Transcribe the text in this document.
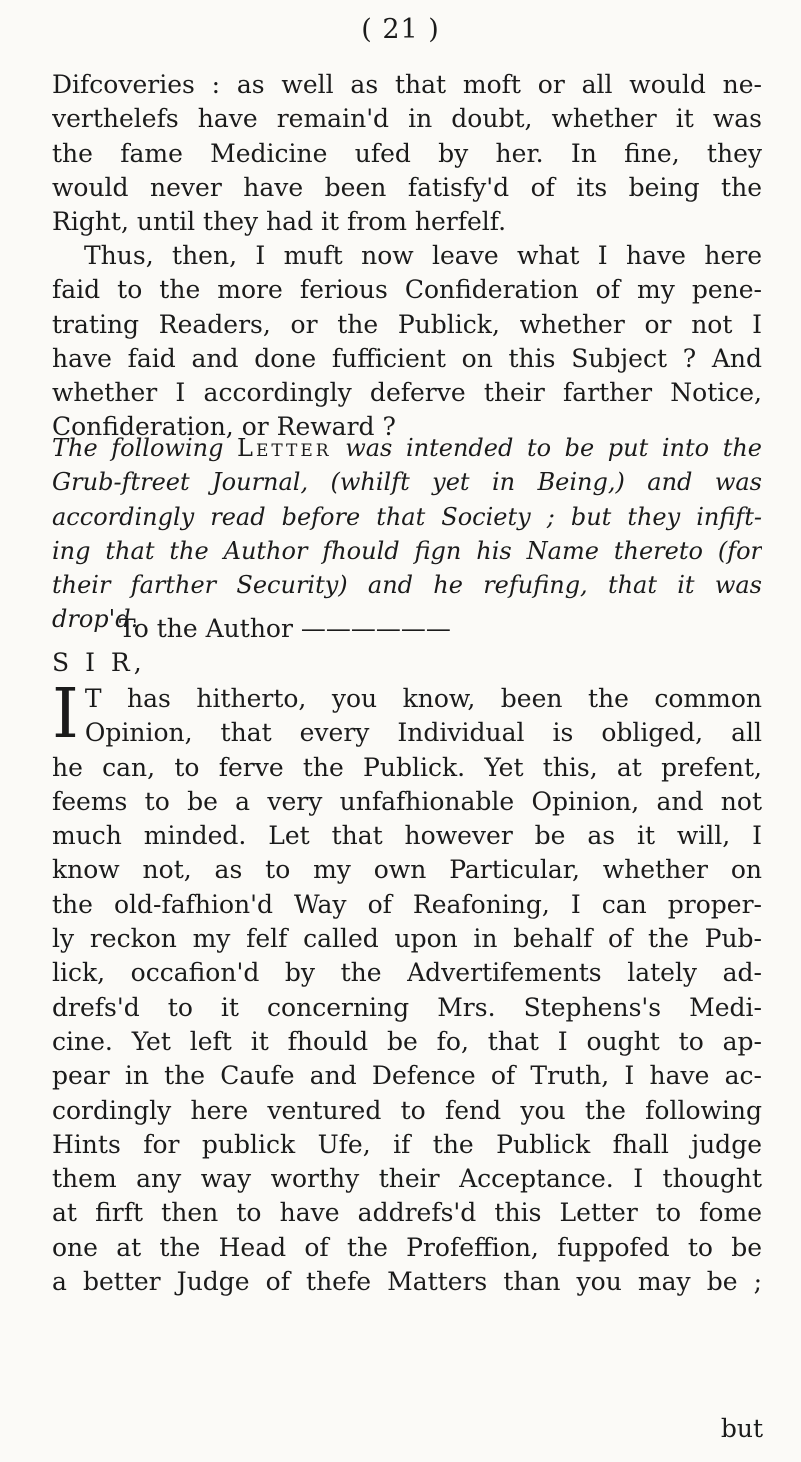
( 21 )
Difcoveries : as well as that moft or all would ne-
verthelefs have remain'd in doubt, whether it was
the fame Medicine ufed by her. In fine, they
would never have been fatisfy'd of its being the
Right, until they had it from herfelf.
Thus, then, I muft now leave what I have here
faid to the more ferious Confideration of my pene-
trating Readers, or the Publick, whether or not I
have faid and done fufficient on this Subject ? And
whether I accordingly deferve their farther Notice,
Confideration, or Reward ?
The following Letter was intended to be put into the
Grub-ftreet Journal, (whilft yet in Being,) and was
accordingly read before that Society ; but they infift-
ing that the Author fhould fign his Name thereto (for
their farther Security) and he refufing, that it was
drop'd.
To the Author ——————
S I R,
I T has hitherto, you know, been the common
Opinion, that every Individual is obliged, all
he can, to ferve the Publick. Yet this, at prefent,
feems to be a very unfafhionable Opinion, and not
much minded. Let that however be as it will, I
know not, as to my own Particular, whether on
the old-fafhion'd Way of Reafoning, I can proper-
ly reckon my felf called upon in behalf of the Pub-
lick, occafion'd by the Advertifements lately ad-
drefs'd to it concerning Mrs. Stephens's Medi-
cine. Yet left it fhould be fo, that I ought to ap-
pear in the Caufe and Defence of Truth, I have ac-
cordingly here ventured to fend you the following
Hints for publick Ufe, if the Publick fhall judge
them any way worthy their Acceptance. I thought
at firft then to have addrefs'd this Letter to fome
one at the Head of the Profeffion, fuppofed to be
a better Judge of thefe Matters than you may be ;
but
